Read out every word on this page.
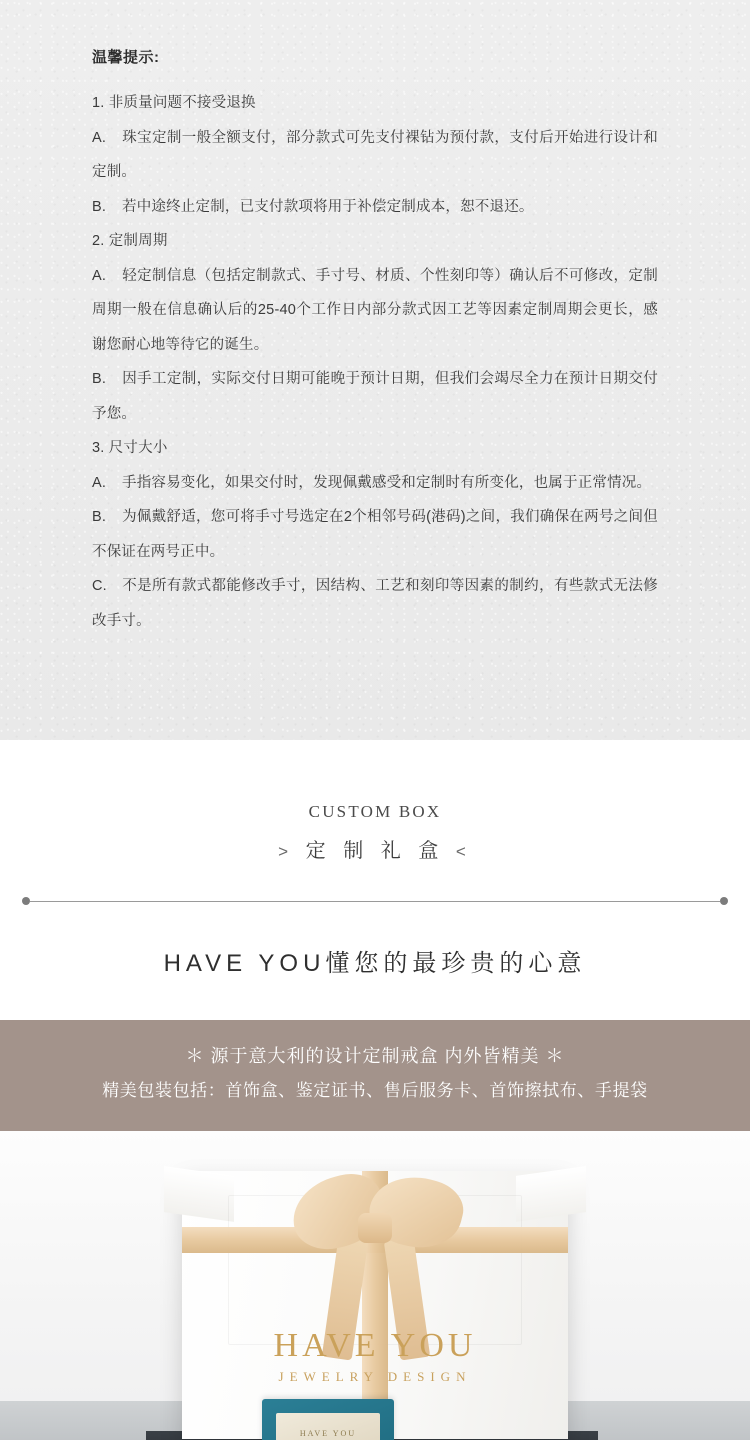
温馨提示:

1. 非质量问题不接受退换

A. 珠宝定制一般全额支付，部分款式可先支付裸钻为预付款，支付后开始进行设计和定制。

B. 若中途终止定制，已支付款项将用于补偿定制成本，恕不退还。

2. 定制周期

A. 轻定制信息（包括定制款式、手寸号、材质、个性刻印等）确认后不可修改，定制周期一般在信息确认后的25-40个工作日内部分款式因工艺等因素定制周期会更长，感谢您耐心地等待它的诞生。

B. 因手工定制，实际交付日期可能晚于预计日期，但我们会竭尽全力在预计日期交付予您。

3. 尺寸大小

A. 手指容易变化，如果交付时，发现佩戴感受和定制时有所变化，也属于正常情况。

B. 为佩戴舒适，您可将手寸号选定在2个相邻号码(港码)之间，我们确保在两号之间但不保证在两号正中。

C. 不是所有款式都能修改手寸，因结构、工艺和刻印等因素的制约，有些款式无法修改手寸。

CUSTOM BOX
> 定 制 礼 盒 <
HAVE YOU懂您的最珍贵的心意
＊ 源于意大利的设计定制戒盒 内外皆精美 ＊
精美包装包括：首饰盒、鉴定证书、售后服务卡、首饰擦拭布、手提袋
HAVE YOU
JEWELRY DESIGN
HAVE YOU
